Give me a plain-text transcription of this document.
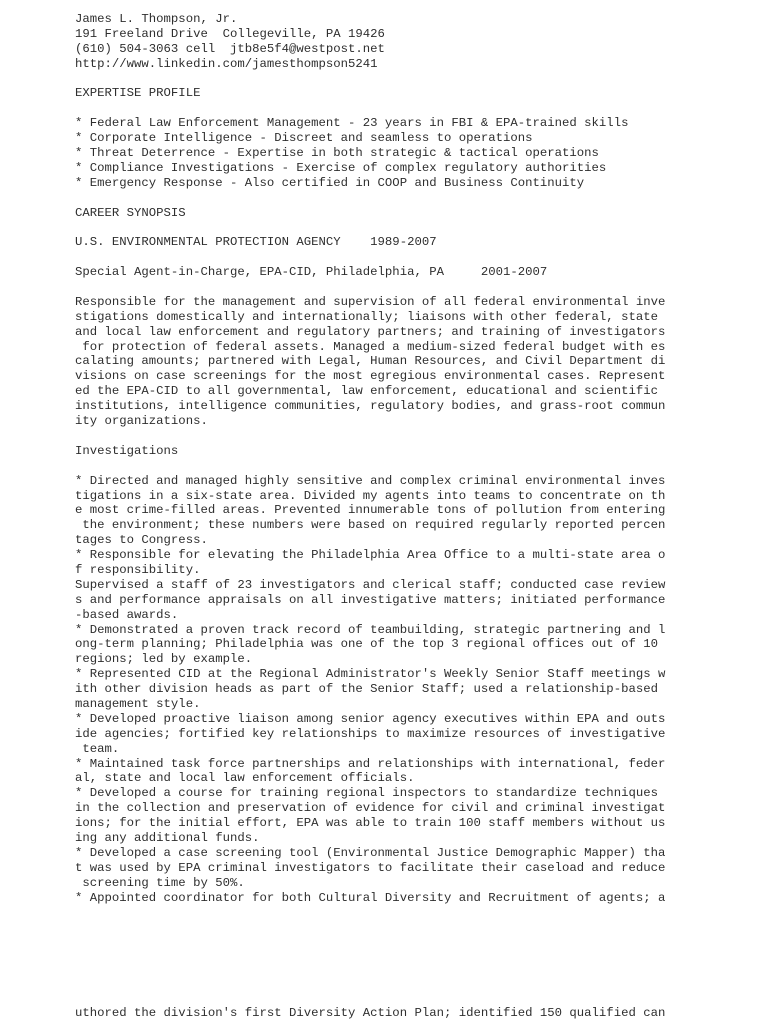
James L. Thompson, Jr.
191 Freeland Drive  Collegeville, PA 19426
(610) 504-3063 cell  jtb8e5f4@westpost.net
http://www.linkedin.com/jamesthompson5241
EXPERTISE PROFILE
* Federal Law Enforcement Management - 23 years in FBI & EPA-trained skills
* Corporate Intelligence - Discreet and seamless to operations
* Threat Deterrence - Expertise in both strategic & tactical operations
* Compliance Investigations - Exercise of complex regulatory authorities
* Emergency Response - Also certified in COOP and Business Continuity
CAREER SYNOPSIS
U.S. ENVIRONMENTAL PROTECTION AGENCY    1989-2007
Special Agent-in-Charge, EPA-CID, Philadelphia, PA     2001-2007
Responsible for the management and supervision of all federal environmental inve
stigations domestically and internationally; liaisons with other federal, state
and local law enforcement and regulatory partners; and training of investigators
for protection of federal assets. Managed a medium-sized federal budget with es
calating amounts; partnered with Legal, Human Resources, and Civil Department di
visions on case screenings for the most egregious environmental cases. Represent
ed the EPA-CID to all governmental, law enforcement, educational and scientific
institutions, intelligence communities, regulatory bodies, and grass-root commun
ity organizations.
Investigations
* Directed and managed highly sensitive and complex criminal environmental inves
tigations in a six-state area. Divided my agents into teams to concentrate on th
e most crime-filled areas. Prevented innumerable tons of pollution from entering
the environment; these numbers were based on required regularly reported percen
tages to Congress.
* Responsible for elevating the Philadelphia Area Office to a multi-state area o
f responsibility.
Supervised a staff of 23 investigators and clerical staff; conducted case review
s and performance appraisals on all investigative matters; initiated performance
-based awards.
* Demonstrated a proven track record of teambuilding, strategic partnering and l
ong-term planning; Philadelphia was one of the top 3 regional offices out of 10
regions; led by example.
* Represented CID at the Regional Administrator's Weekly Senior Staff meetings w
ith other division heads as part of the Senior Staff; used a relationship-based
management style.
* Developed proactive liaison among senior agency executives within EPA and outs
ide agencies; fortified key relationships to maximize resources of investigative
team.
* Maintained task force partnerships and relationships with international, feder
al, state and local law enforcement officials.
* Developed a course for training regional inspectors to standardize techniques
in the collection and preservation of evidence for civil and criminal investigat
ions; for the initial effort, EPA was able to train 100 staff members without us
ing any additional funds.
* Developed a case screening tool (Environmental Justice Demographic Mapper) tha
t was used by EPA criminal investigators to facilitate their caseload and reduce
screening time by 50%.
* Appointed coordinator for both Cultural Diversity and Recruitment of agents; a
uthored the division's first Diversity Action Plan; identified 150 qualified can
